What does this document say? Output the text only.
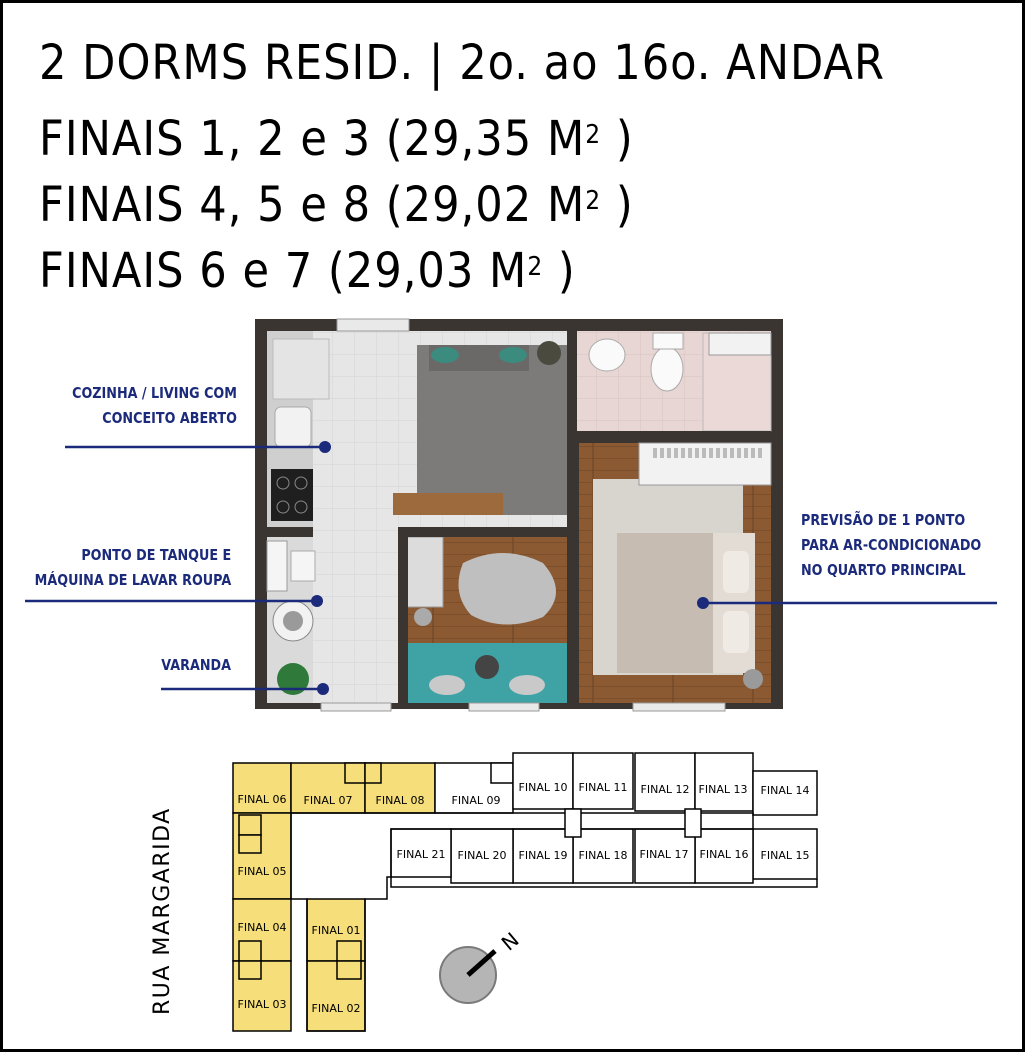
2 DORMS RESID. | 2o. ao 16o. ANDAR
FINAIS 1, 2 e 3 (29,35 $M^2$ )
FINAIS 4, 5 e 8 (29,02 $M^2$ )
FINAIS 6 e 7 (29,03 $M^2$ )
COZINHA / LIVING COM
CONCEITO ABERTO
PONTO DE TANQUE E
MÁQUINA DE LAVAR ROUPA
VARANDA
PREVISÃO DE 1 PONTO
PARA AR-CONDICIONADO
NO QUARTO PRINCIPAL
FINAL 06 FINAL 07 FINAL 08
FINAL 05
FINAL 04
FINAL 03
FINAL 01
FINAL 02
FINAL 09
FINAL 10 FINAL 11 FINAL 12 FINAL 13 FINAL 14
FINAL 15
FINAL 16
FINAL 17
FINAL 18
FINAL 19
FINAL 20
FINAL 21
N
RUA MARGARIDA
